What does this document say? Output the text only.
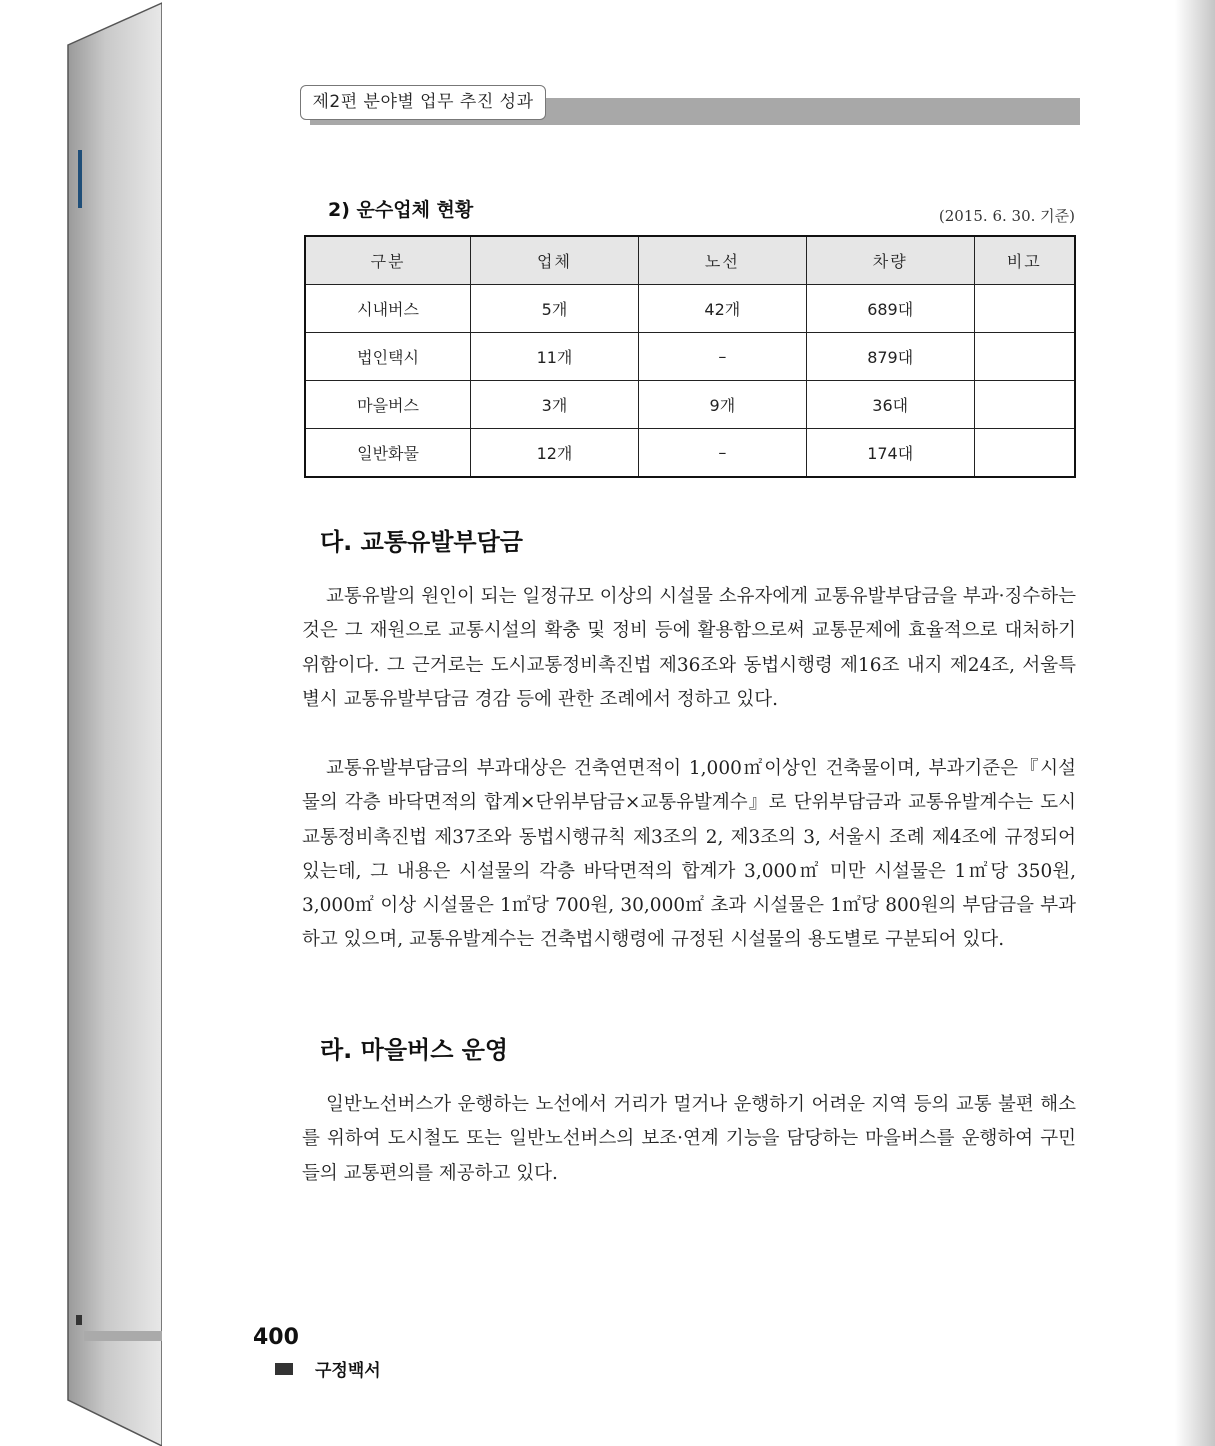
제2편 분야별 업무 추진 성과
2) 운수업체 현황	(2015. 6. 30. 기준)
구분	업체	노선	차량	비고
시내버스	5개	42개	689대	
법인택시	11개	–	879대	
마을버스	3개	9개	36대	
일반화물	12개	–	174대	
다. 교통유발부담금

교통유발의 원인이 되는 일정규모 이상의 시설물 소유자에게 교통유발부담금을 부과·징수하는 것은 그 재원으로 교통시설의 확충 및 정비 등에 활용함으로써 교통문제에 효율적으로 대처하기 위함이다. 그 근거로는 도시교통정비촉진법 제36조와 동법시행령 제16조 내지 제24조, 서울특별시 교통유발부담금 경감 등에 관한 조례에서 정하고 있다.

교통유발부담금의 부과대상은 건축연면적이 1,000㎡이상인 건축물이며, 부과기준은『시설물의 각층 바닥면적의 합계×단위부담금×교통유발계수』로 단위부담금과 교통유발계수는 도시교통정비촉진법 제37조와 동법시행규칙 제3조의 2, 제3조의 3, 서울시 조례 제4조에 규정되어 있는데, 그 내용은 시설물의 각층 바닥면적의 합계가 3,000㎡ 미만 시설물은 1㎡당 350원, 3,000㎡ 이상 시설물은 1㎡당 700원, 30,000㎡ 초과 시설물은 1㎡당 800원의 부담금을 부과하고 있으며, 교통유발계수는 건축법시행령에 규정된 시설물의 용도별로 구분되어 있다.

라. 마을버스 운영

일반노선버스가 운행하는 노선에서 거리가 멀거나 운행하기 어려운 지역 등의 교통 불편 해소를 위하여 도시철도 또는 일반노선버스의 보조·연계 기능을 담당하는 마을버스를 운행하여 구민들의 교통편의를 제공하고 있다.

400
구정백서
